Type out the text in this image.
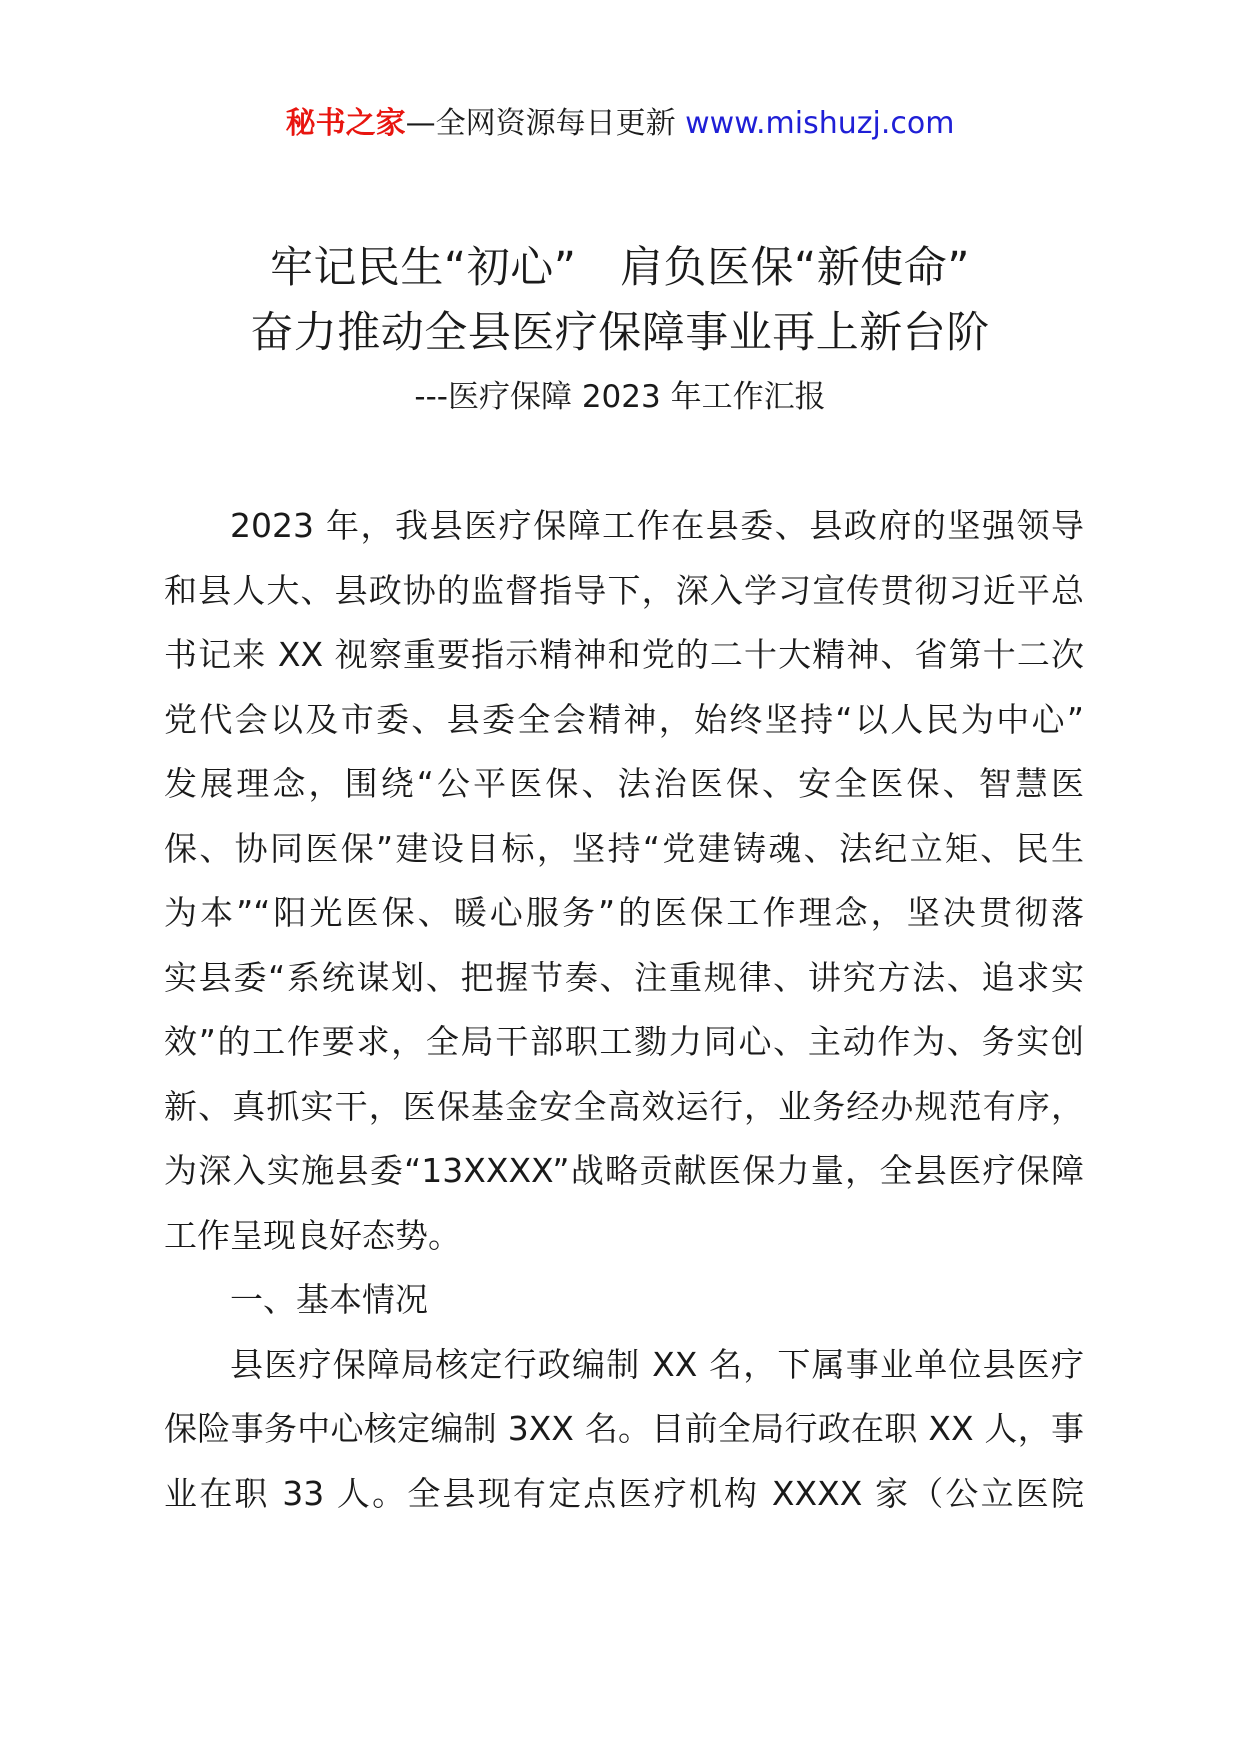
秘书之家—全网资源每日更新 www.mishuzj.com
牢记民生“初心”　肩负医保“新使命”
奋力推动全县医疗保障事业再上新台阶
---医疗保障 2023 年工作汇报
2023 年，我县医疗保障工作在县委、县政府的坚强领导
和县人大、县政协的监督指导下，深入学习宣传贯彻习近平总
书记来 XX 视察重要指示精神和党的二十大精神、省第十二次
党代会以及市委、县委全会精神，始终坚持“以人民为中心”
发展理念，围绕“公平医保、法治医保、安全医保、智慧医
保、协同医保”建设目标，坚持“党建铸魂、法纪立矩、民生
为本”“阳光医保、暖心服务”的医保工作理念，坚决贯彻落
实县委“系统谋划、把握节奏、注重规律、讲究方法、追求实
效”的工作要求，全局干部职工勠力同心、主动作为、务实创
新、真抓实干，医保基金安全高效运行，业务经办规范有序，
为深入实施县委“13XXXX”战略贡献医保力量，全县医疗保障
工作呈现良好态势。
一、基本情况
县医疗保障局核定行政编制 XX 名，下属事业单位县医疗
保险事务中心核定编制 3XX 名。目前全局行政在职 XX 人，事
业在职 33 人。全县现有定点医疗机构 XXXX 家（公立医院
